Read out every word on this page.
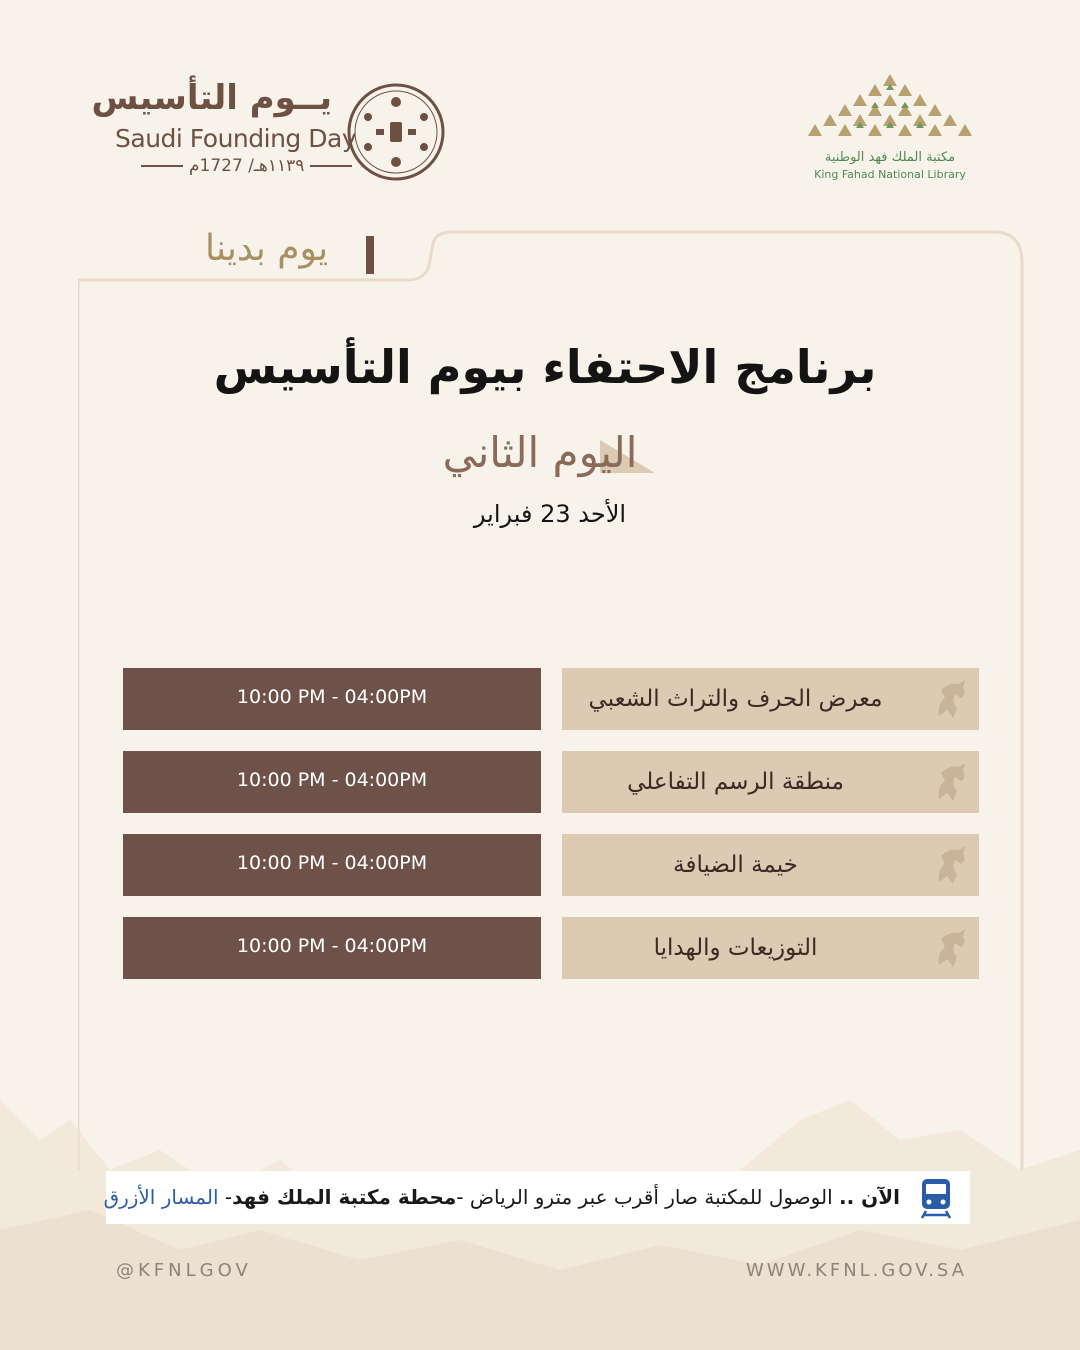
يــوم التأسيس
Saudi Founding Day
١١٣٩هـ/ 1727م	مكتبة الملك فهد الوطنية
King Fahad National Library
يوم بدينا
برنامج الاحتفاء بيوم التأسيس
اليوم الثاني
الأحد 23 فبراير
10:00 PM - 04:00PM	معرض الحرف والتراث الشعبي
10:00 PM - 04:00PM	منطقة الرسم التفاعلي
10:00 PM - 04:00PM	خيمة الضيافة
10:00 PM - 04:00PM	التوزيعات والهدايا
الآن .. الوصول للمكتبة صار أقرب عبر مترو الرياض -محطة مكتبة الملك فهد- المسار الأزرق
@KFNLGOV	WWW.KFNL.GOV.SA
